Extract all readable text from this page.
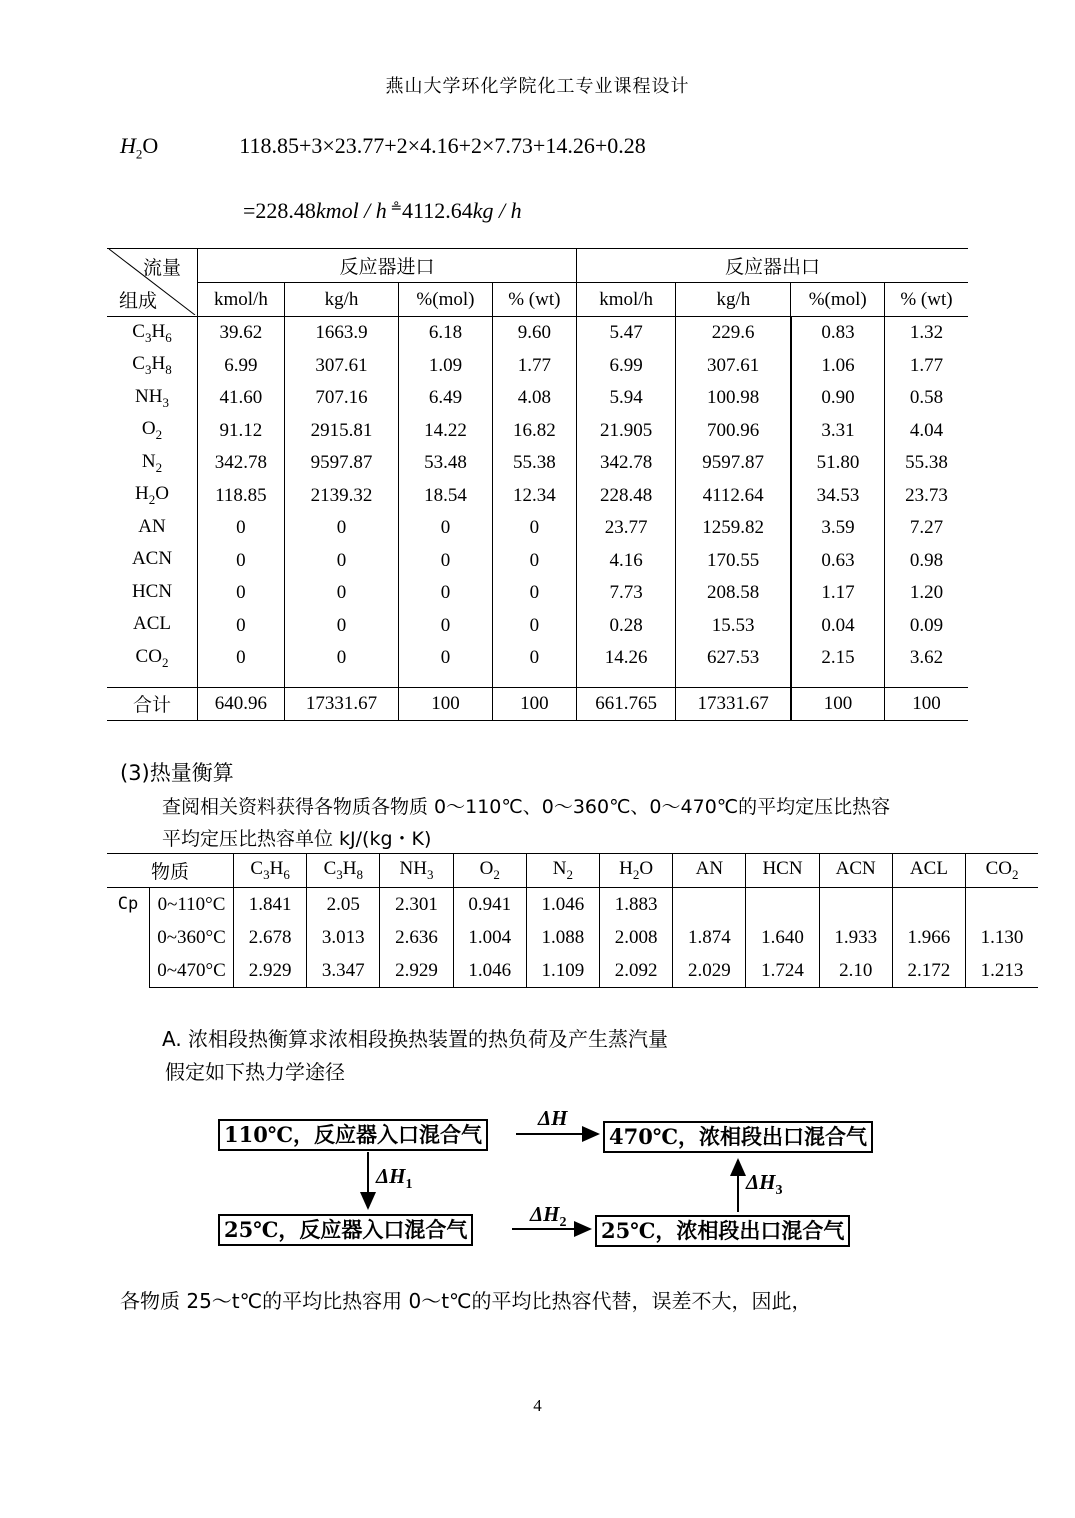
燕山大学环化学院化工专业课程设计
$H_2O$	118.85+3×23.77+2×4.16+2×7.73+14.26+0.28
=228.48kmol / h ≗4112.64kg / h
流量
组成	反应器进口				反应器出口			
	kmol/h	kg/h	%(mol)	% (wt)	kmol/h	kg/h	%(mol)	% (wt)
$C_3H_6$	39.62	1663.9	6.18	9.60	5.47	229.6	0.83	1.32
$C_3H_8$	6.99	307.61	1.09	1.77	6.99	307.61	1.06	1.77
$NH_3$	41.60	707.16	6.49	4.08	5.94	100.98	0.90	0.58
$O_2$	91.12	2915.81	14.22	16.82	21.905	700.96	3.31	4.04
$N_2$	342.78	9597.87	53.48	55.38	342.78	9597.87	51.80	55.38
$H_2O$	118.85	2139.32	18.54	12.34	228.48	4112.64	34.53	23.73
AN	0	0	0	0	23.77	1259.82	3.59	7.27
ACN	0	0	0	0	4.16	170.55	0.63	0.98
HCN	0	0	0	0	7.73	208.58	1.17	1.20
ACL	0	0	0	0	0.28	15.53	0.04	0.09
$CO_2$	0	0	0	0	14.26	627.53	2.15	3.62

合计	640.96	17331.67	100	100	661.765	17331.67	100	100
(3)热量衡算
查阅相关资料获得各物质各物质 0～110℃、0～360℃、0～470℃的平均定压比热容
平均定压比热容单位 kJ/(kg・K)
物质		$C_3H_6$	$C_3H_8$	$NH_3$	$O_2$	$N_2$	$H_2O$	AN	HCN	ACN	ACL	$CO_2$
Cp	0~110°C	1.841	2.05	2.301	0.941	1.046	1.883					
	0~360°C	2.678	3.013	2.636	1.004	1.088	2.008	1.874	1.640	1.933	1.966	1.130
	0~470°C	2.929	3.347	2.929	1.046	1.109	2.092	2.029	1.724	2.10	2.172	1.213
A. 浓相段热衡算求浓相段换热装置的热负荷及产生蒸汽量
假定如下热力学途径
110℃，反应器入口混合气	470℃，浓相段出口混合气
25℃，反应器入口混合气	25℃，浓相段出口混合气
ΔH
$\Delta H_1$
$\Delta H_2$
$\Delta H_3$
各物质 25～t℃的平均比热容用 0～t℃的平均比热容代替，误差不大，因此，
4
